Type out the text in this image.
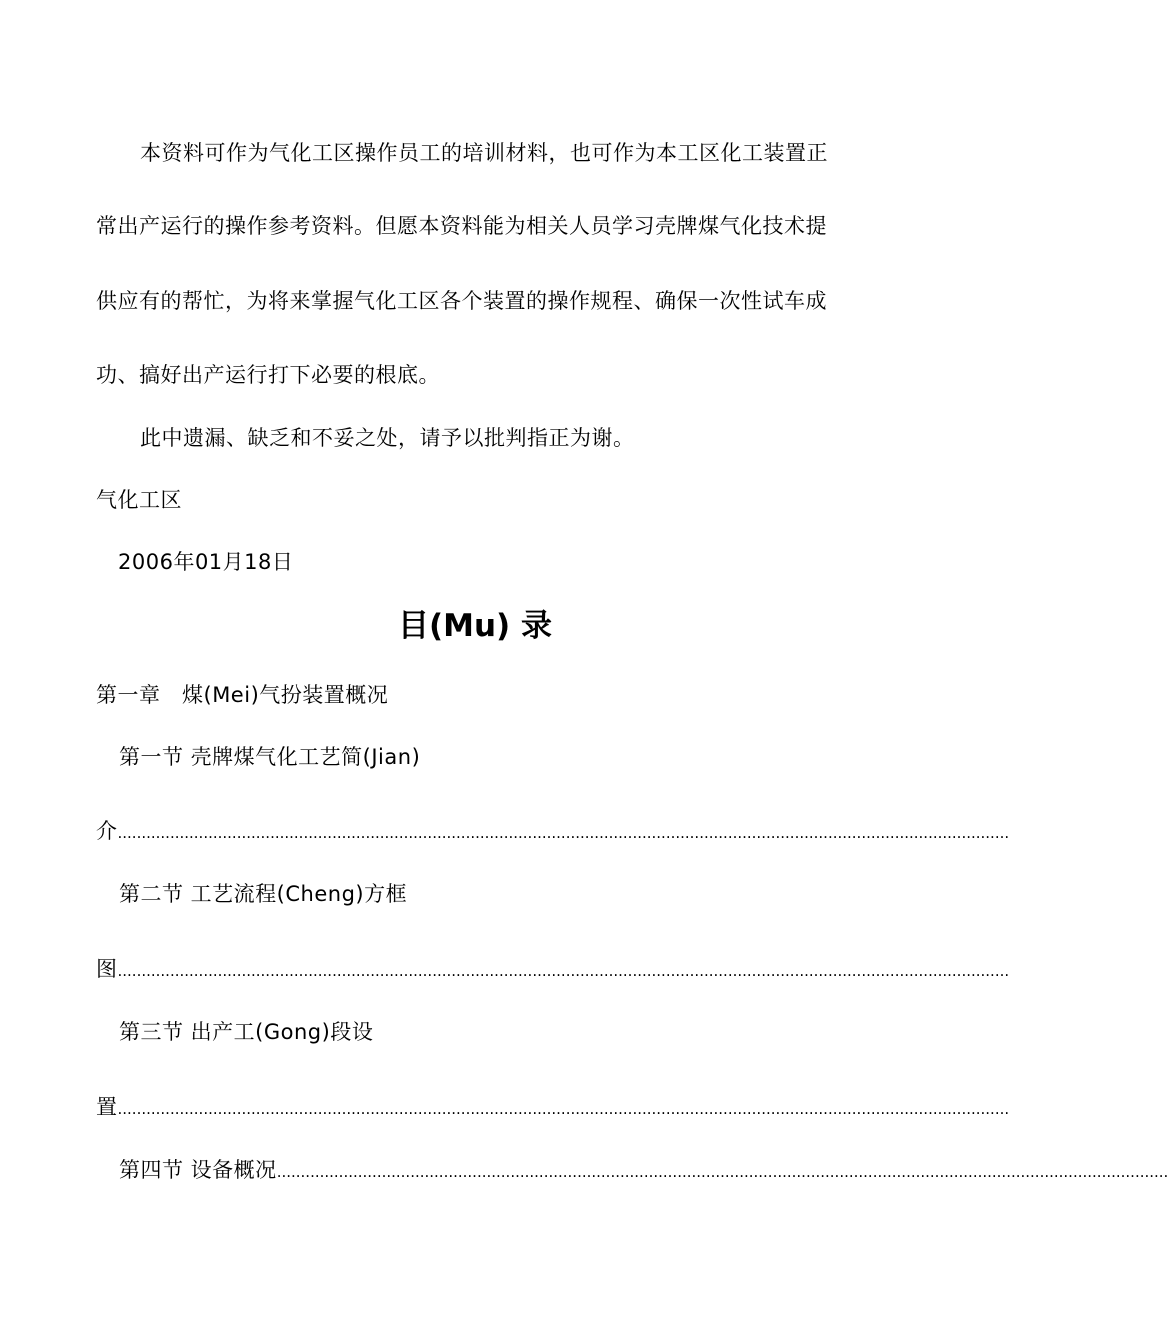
本资料可作为气化工区操作员工的培训材料，也可作为本工区化工装置正
常出产运行的操作参考资料。但愿本资料能为相关人员学习壳牌煤气化技术提
供应有的帮忙，为将来掌握气化工区各个装置的操作规程、确保一次性试车成
功、搞好出产运行打下必要的根底。
此中遗漏、缺乏和不妥之处，请予以批判指正为谢。
气化工区
2006年01月18日
目(Mu) 录
第一章　煤(Mei)气扮装置概况
第一节 壳牌煤气化工艺简(Jian)
介...........................................................................................................................................................................................
第二节 工艺流程(Cheng)方框
图...........................................................................................................................................................................................
第三节 出产工(Gong)段设
置...........................................................................................................................................................................................
第四节 设备概况...........................................................................................................................................................................................
